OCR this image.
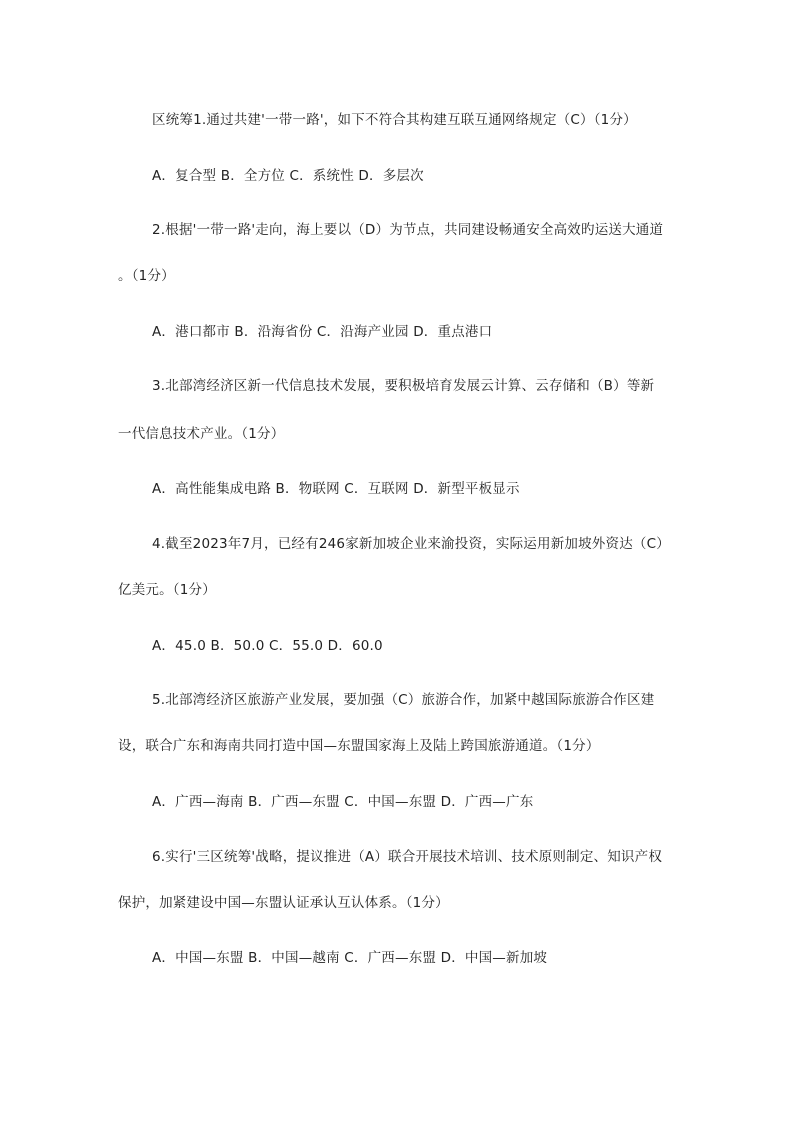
区统筹1.通过共建'一带一路'，如下不符合其构建互联互通网络规定（C）（1分）
A．复合型 B．全方位 C．系统性 D．多层次
2.根据'一带一路'走向，海上要以（D）为节点，共同建设畅通安全高效旳运送大通道
。（1分）
A．港口都市 B．沿海省份 C．沿海产业园 D．重点港口
3.北部湾经济区新一代信息技术发展，要积极培育发展云计算、云存储和（B）等新
一代信息技术产业。（1分）
A．高性能集成电路 B．物联网 C．互联网 D．新型平板显示
4.截至2023年7月，已经有246家新加坡企业来渝投资，实际运用新加坡外资达（C）
亿美元。（1分）
A．45.0 B．50.0 C．55.0 D．60.0
5.北部湾经济区旅游产业发展，要加强（C）旅游合作，加紧中越国际旅游合作区建
设，联合广东和海南共同打造中国—东盟国家海上及陆上跨国旅游通道。（1分）
A．广西—海南 B．广西—东盟 C．中国—东盟 D．广西—广东
6.实行'三区统筹'战略，提议推进（A）联合开展技术培训、技术原则制定、知识产权
保护，加紧建设中国—东盟认证承认互认体系。（1分）
A．中国—东盟 B．中国—越南 C．广西—东盟 D．中国—新加坡
